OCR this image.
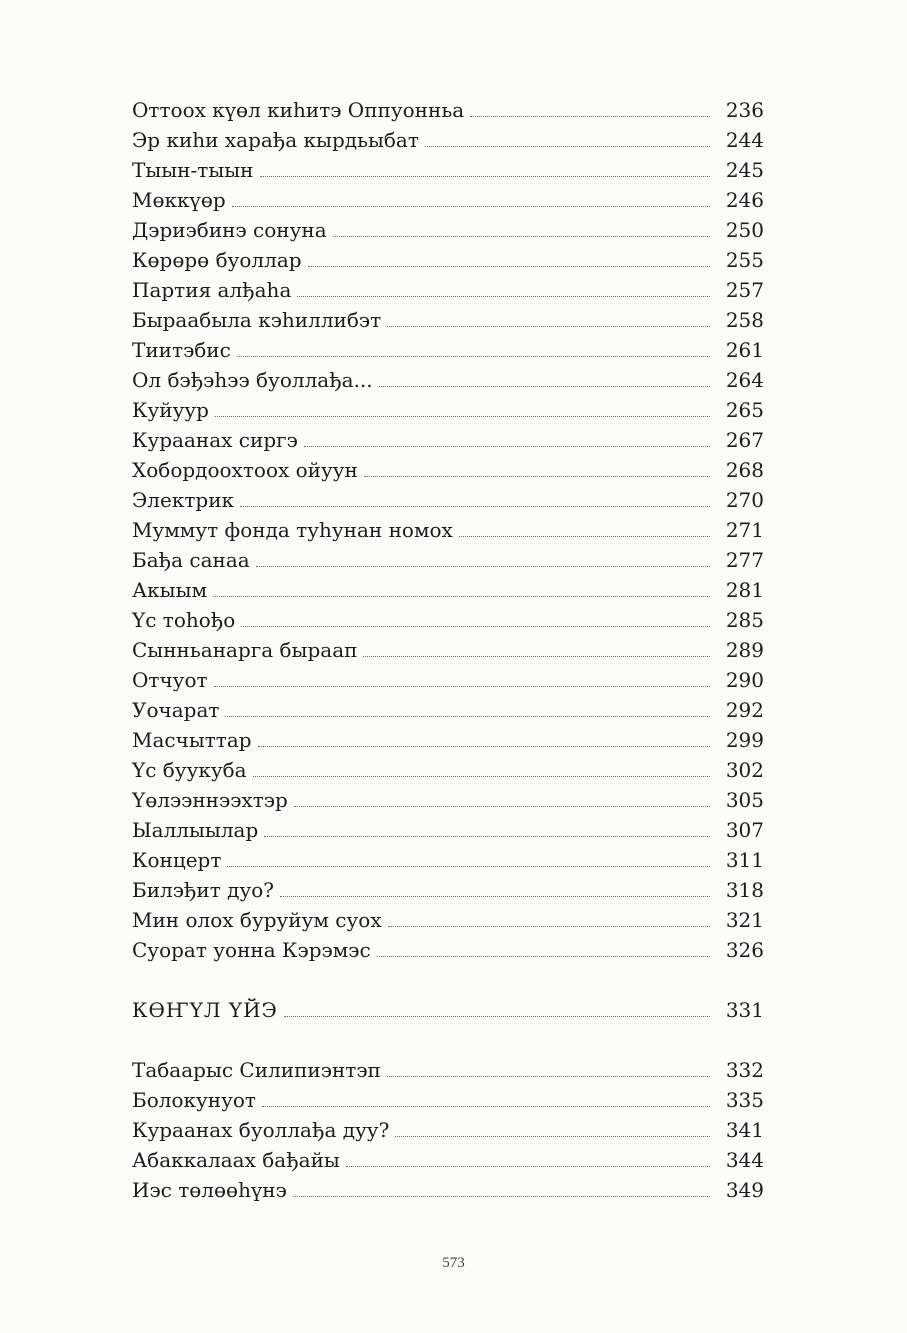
Оттоох күөл киһитэ Оппуонньа	236
Эр киһи харађа кырдьыбат	244
Тыын-тыын	245
Мөккүөр	246
Дэриэбинэ сонуна	250
Көрөрө буоллар	255
Партия алђаһа	257
Быраабыла кэһиллибэт	258
Тиитэбис	261
Ол бэђэһээ буоллађа...	264
Куйуур	265
Кураанах сиргэ	267
Хобордоохтоох ойуун	268
Электрик	270
Муммут фонда туһунан номох	271
Бађа санаа	277
Акыым	281
Үс тоһођо	285
Сынньанарга быраап	289
Отчуот	290
Уочарат	292
Масчыттар	299
Үс буукуба	302
Үөлээннээхтэр	305
Ыаллыылар	307
Концерт	311
Билэђит дуо?	318
Мин олох буруйум суох	321
Суорат уонна Кэрэмэс	326
КӨҤҮЛ ҮЙЭ	331
Табаарыс Силипиэнтэп	332
Болокунуот	335
Кураанах буоллађа дуу?	341
Абаккалаах бађайы	344
Иэс төлөөһүнэ	349
573
